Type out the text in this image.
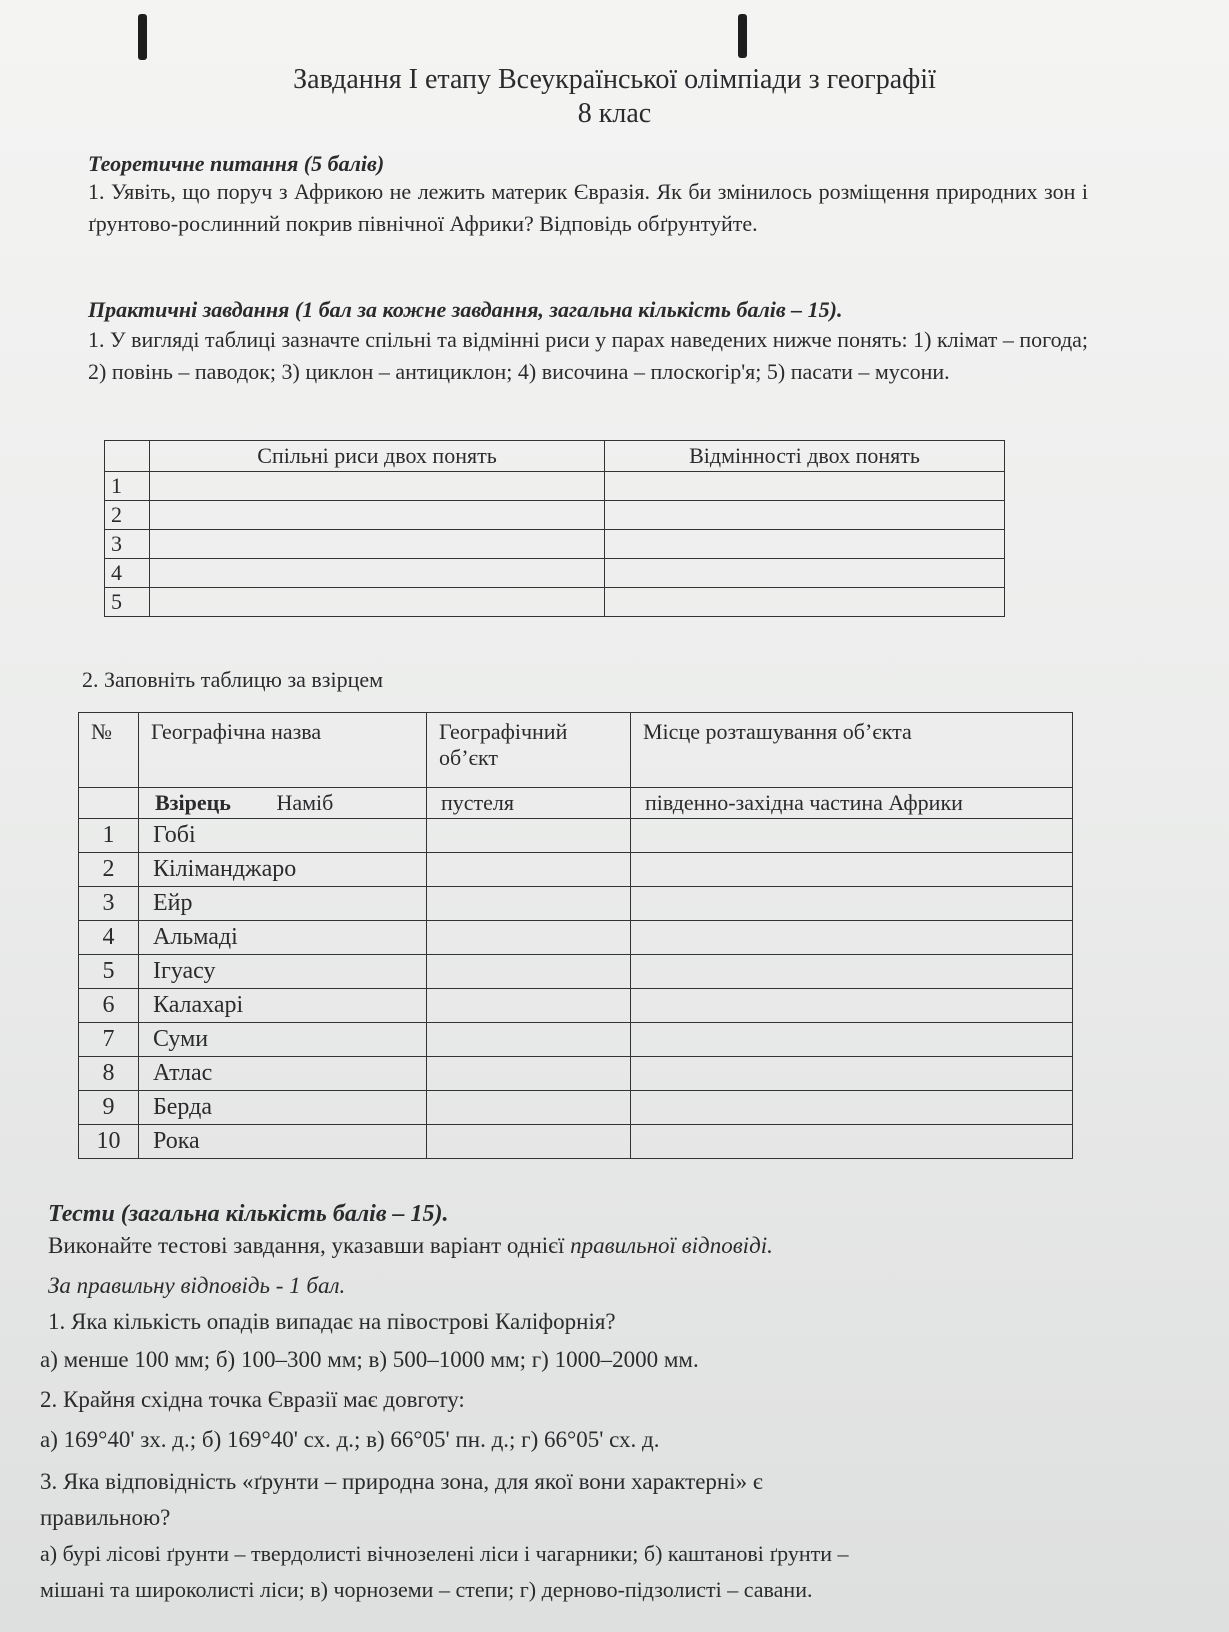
Завдання І етапу Всеукраїнської олімпіади з географії
8 клас
Теоретичне питання (5 балів)
1. Уявіть, що поруч з Африкою не лежить материк Євразія. Як би змінилось розміщення природних зон і ґрунтово-рослинний покрив північної Африки? Відповідь обґрунтуйте.
Практичні завдання (1 бал за кожне завдання, загальна кількість балів – 15).
1. У вигляді таблиці зазначте спільні та відмінні риси у парах наведених нижче понять: 1) клімат – погода; 2) повінь – паводок; 3) циклон – антициклон; 4) височина – плоскогір'я; 5) пасати – мусони.
	Спільні риси двох понять	Відмінності двох понять
1		
2		
3		
4		
5		
2. Заповніть таблицю за взірцем
№	Географічна назва	Географічний об’єкт	Місце розташування об’єкта
	Взірець Наміб	пустеля	південно-західна частина Африки
1	Гобі		
2	Кіліманджаро		
3	Ейр		
4	Альмаді		
5	Ігуасу		
6	Калахарі		
7	Суми		
8	Атлас		
9	Берда		
10	Рока		
Тести (загальна кількість балів – 15).
Виконайте тестові завдання, указавши варіант однієї правильної відповіді.
За правильну відповідь - 1 бал.
1. Яка кількість опадів випадає на півострові Каліфорнія?
а) менше 100 мм; б) 100–300 мм; в) 500–1000 мм; г) 1000–2000 мм.
2. Крайня східна точка Євразії має довготу:
а) 169°40' зх. д.; б) 169°40' сх. д.; в) 66°05' пн. д.; г) 66°05' сх. д.
3. Яка відповідність «ґрунти – природна зона, для якої вони характерні» є
правильною?
а) бурі лісові ґрунти – твердолисті вічнозелені ліси і чагарники; б) каштанові ґрунти –
мішані та широколисті ліси; в) чорноземи – степи; г) дерново-підзолисті – савани.
